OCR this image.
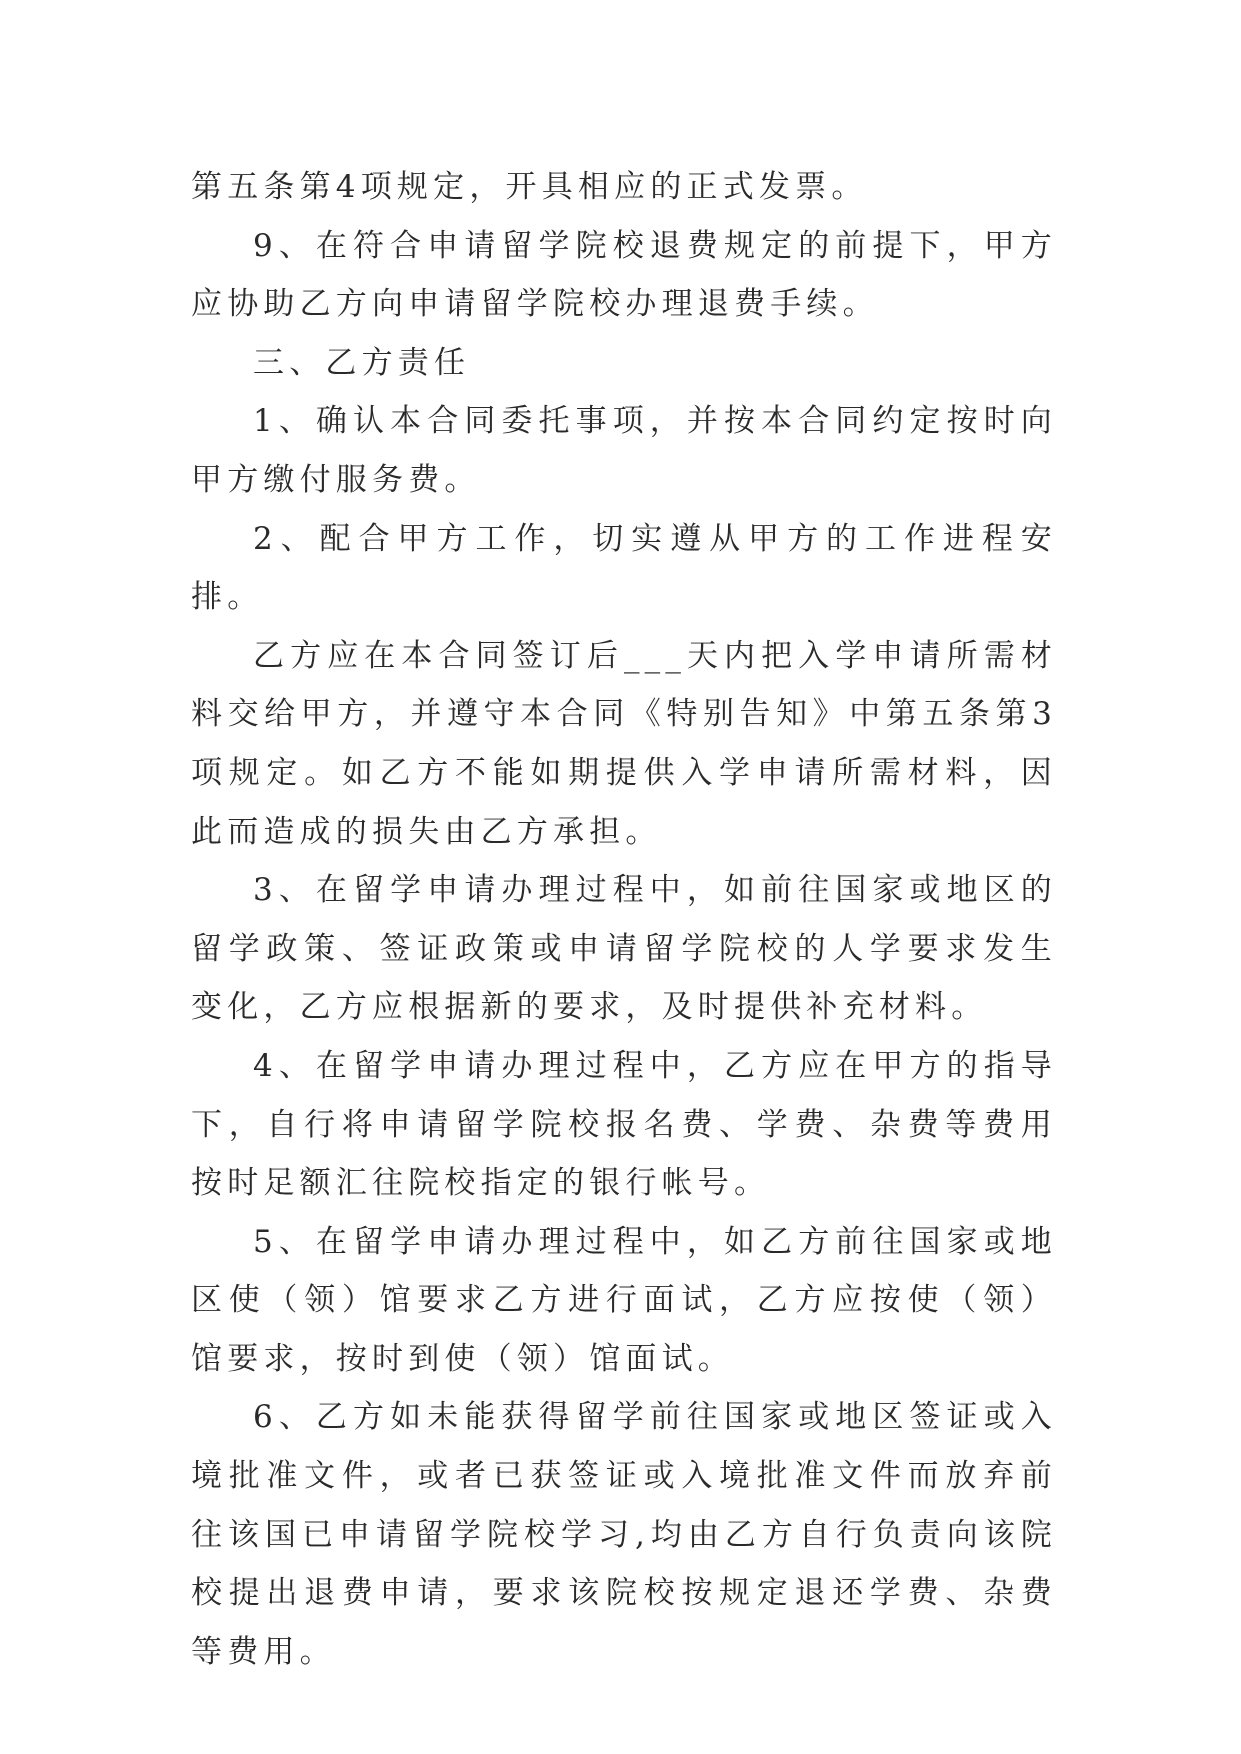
第五条第4项规定，开具相应的正式发票。

9、在符合申请留学院校退费规定的前提下，甲方应协助乙方向申请留学院校办理退费手续。

三、乙方责任

1、确认本合同委托事项，并按本合同约定按时向甲方缴付服务费。

2、配合甲方工作，切实遵从甲方的工作进程安排。

乙方应在本合同签订后___天内把入学申请所需材料交给甲方，并遵守本合同《特别告知》中第五条第3项规定。如乙方不能如期提供入学申请所需材料，因此而造成的损失由乙方承担。

3、在留学申请办理过程中，如前往国家或地区的留学政策、签证政策或申请留学院校的人学要求发生变化，乙方应根据新的要求，及时提供补充材料。

4、在留学申请办理过程中，乙方应在甲方的指导下，自行将申请留学院校报名费、学费、杂费等费用按时足额汇往院校指定的银行帐号。

5、在留学申请办理过程中，如乙方前往国家或地区使（领）馆要求乙方进行面试，乙方应按使（领）馆要求，按时到使（领）馆面试。

6、乙方如未能获得留学前往国家或地区签证或入境批准文件，或者已获签证或入境批准文件而放弃前往该国已申请留学院校学习,均由乙方自行负责向该院校提出退费申请，要求该院校按规定退还学费、杂费等费用。
